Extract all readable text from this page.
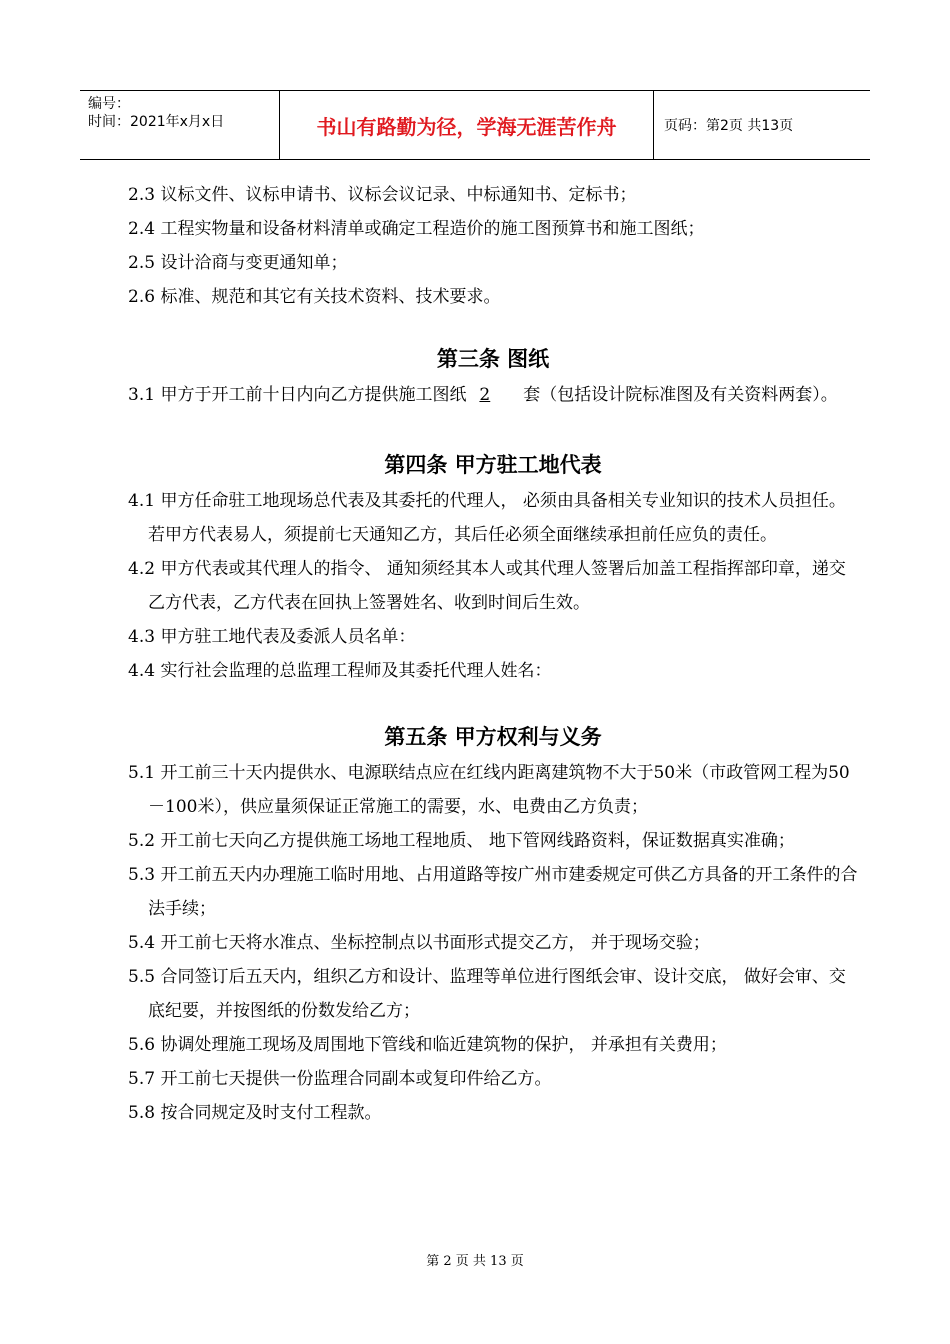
编号：
时间：2021年x月x日	书山有路勤为径，学海无涯苦作舟	页码：第2页 共13页
2.3 议标文件、议标申请书、议标会议记录、中标通知书、定标书；
2.4 工程实物量和设备材料清单或确定工程造价的施工图预算书和施工图纸；
2.5 设计洽商与变更通知单；
2.6 标准、规范和其它有关技术资料、技术要求。
第三条 图纸
3.1 甲方于开工前十日内向乙方提供施工图纸 2 套（包括设计院标准图及有关资料两套）。
第四条 甲方驻工地代表
4.1 甲方任命驻工地现场总代表及其委托的代理人， 必须由具备相关专业知识的技术人员担任。若甲方代表易人，须提前七天通知乙方，其后任必须全面继续承担前任应负的责任。
4.2 甲方代表或其代理人的指令、 通知须经其本人或其代理人签署后加盖工程指挥部印章，递交乙方代表，乙方代表在回执上签署姓名、收到时间后生效。
4.3 甲方驻工地代表及委派人员名单：
4.4 实行社会监理的总监理工程师及其委托代理人姓名：
第五条 甲方权利与义务
5.1 开工前三十天内提供水、电源联结点应在红线内距离建筑物不大于50米（市政管网工程为50－100米），供应量须保证正常施工的需要，水、电费由乙方负责；
5.2 开工前七天向乙方提供施工场地工程地质、 地下管网线路资料，保证数据真实准确；
5.3 开工前五天内办理施工临时用地、占用道路等按广州市建委规定可供乙方具备的开工条件的合法手续；
5.4 开工前七天将水准点、坐标控制点以书面形式提交乙方， 并于现场交验；
5.5 合同签订后五天内，组织乙方和设计、监理等单位进行图纸会审、设计交底， 做好会审、交底纪要，并按图纸的份数发给乙方；
5.6 协调处理施工现场及周围地下管线和临近建筑物的保护， 并承担有关费用；
5.7 开工前七天提供一份监理合同副本或复印件给乙方。
5.8 按合同规定及时支付工程款。
第 2 页 共 13 页
